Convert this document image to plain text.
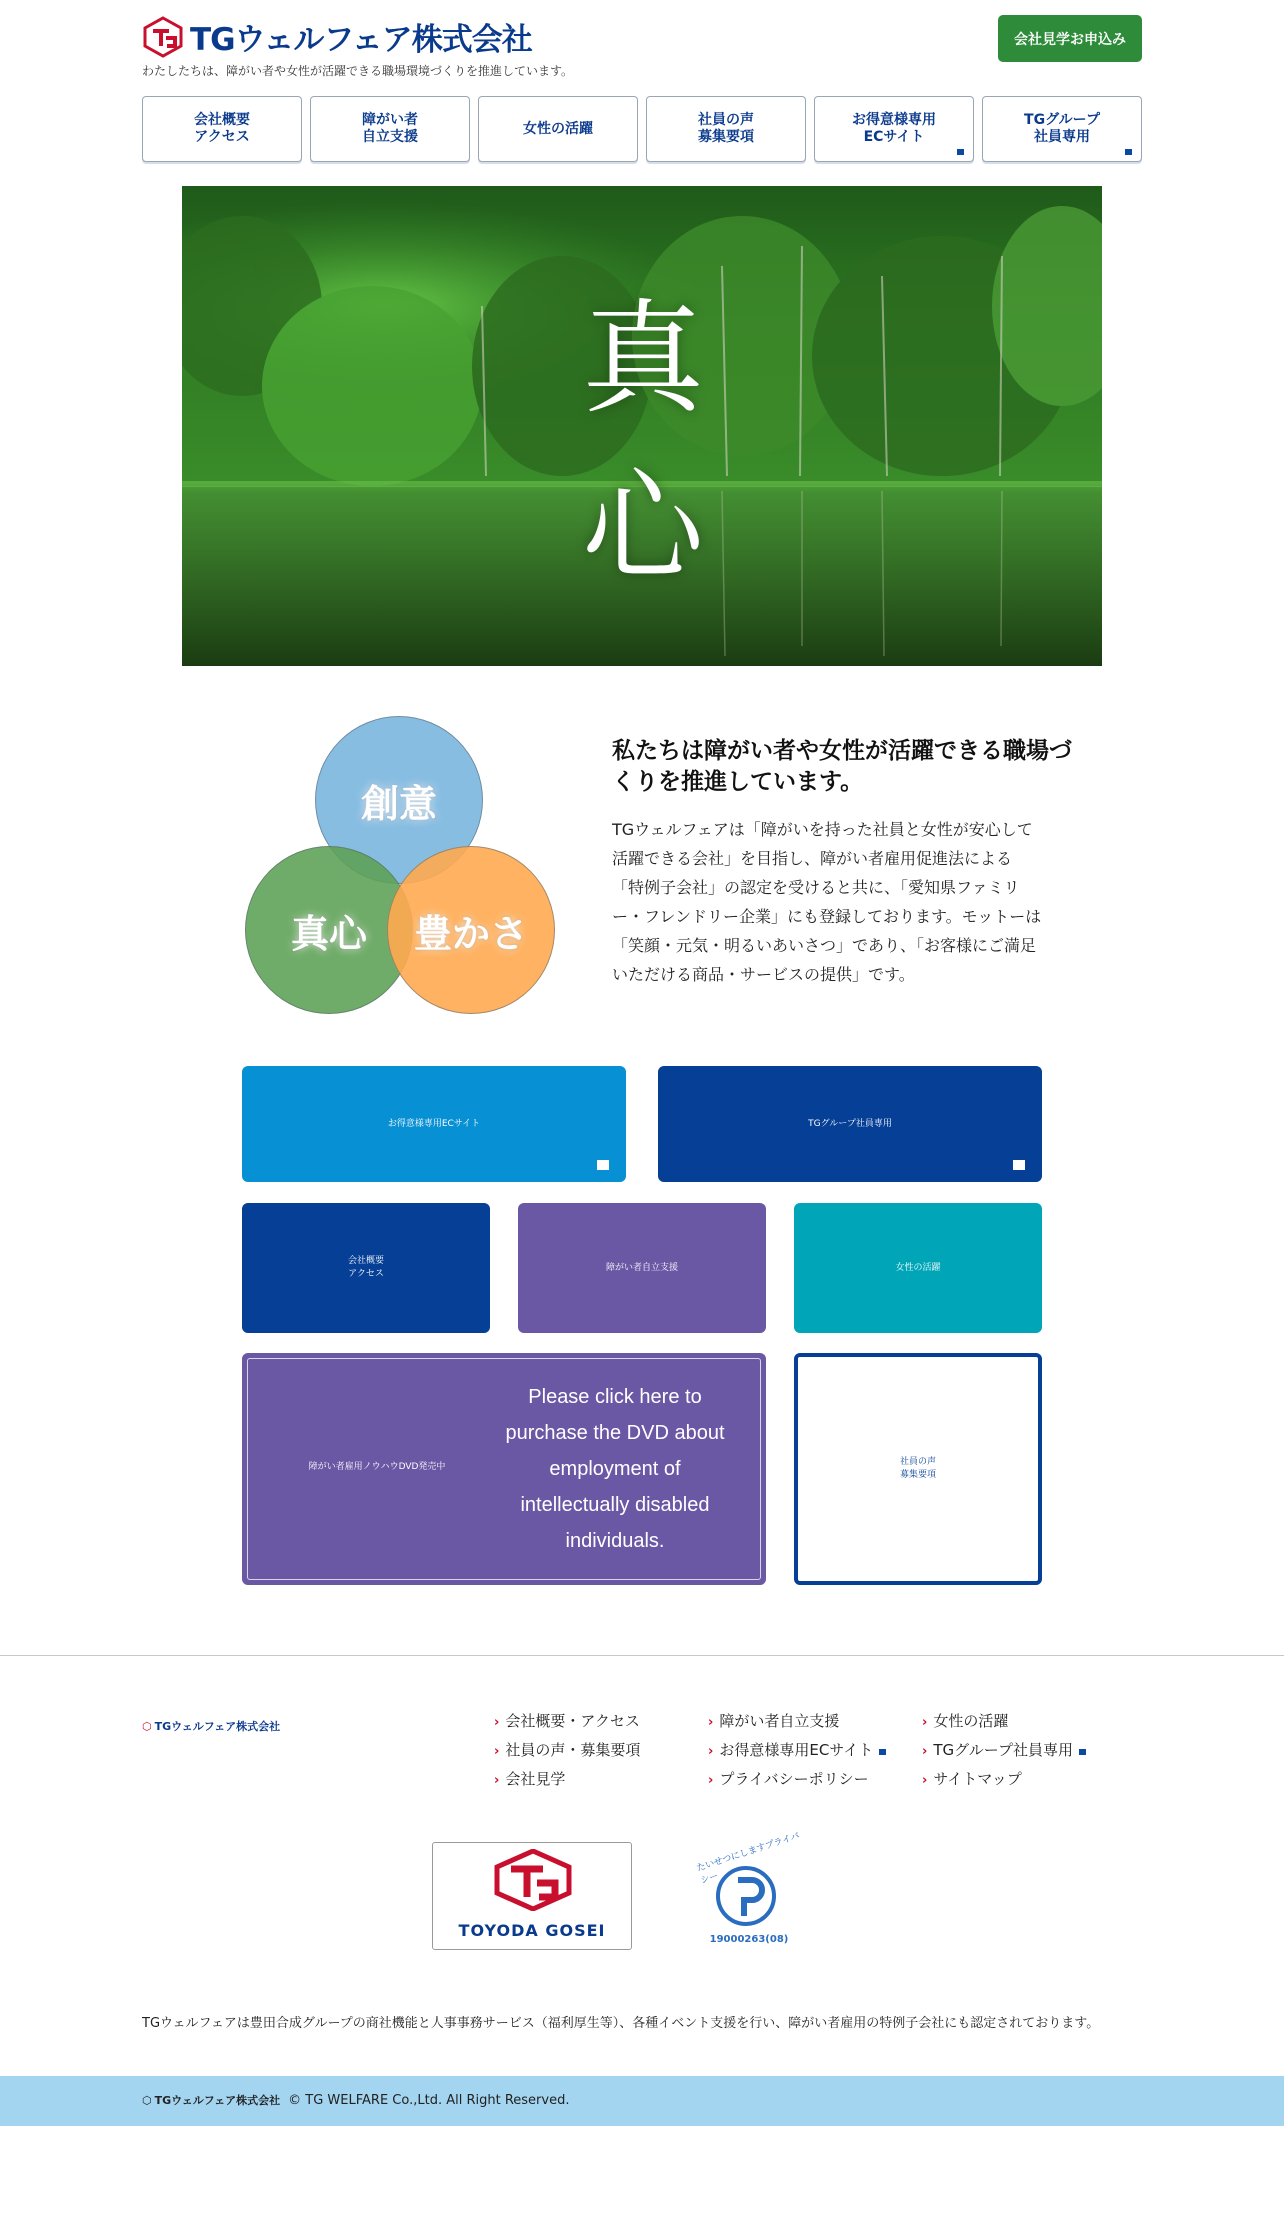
TGウェルフェア株式会社
わたしたちは、障がい者や女性が活躍できる職場環境づくりを推進しています。
会社見学お申込み
会社概要
アクセス
障がい者
自立支援
女性の活躍
社員の声
募集要項
お得意様専用
ECサイト
TGグループ
社員専用
真心
創意
真心 豊かさ
私たちは障がい者や女性が活躍できる職場づくりを推進しています。
TGウェルフェアは「障がいを持った社員と女性が安心して活躍できる会社」を目指し、障がい者雇用促進法による「特例子会社」の認定を受けると共に、「愛知県ファミリー・フレンドリー企業」にも登録しております。モットーは「笑顔・元気・明るいあいさつ」であり、「お客様にご満足いただける商品・サービスの提供」です。
お得意様専用ECサイト	TGグループ社員専用
会社概要
アクセス
障がい者自立支援	女性の活躍

障がい者雇用ノウハウDVD発売中

Please click here to purchase the DVD about employment of intellectually disabled individuals.

社員の声
募集要項
⬡ TGウェルフェア株式会社	› 会社概要・アクセス	› 障がい者自立支援	› 女性の活躍
› 社員の声・募集要項	› お得意様専用ECサイト	› TGグループ社員専用
› 会社見学	› プライバシーポリシー	› サイトマップ
TOYODA GOSEI
たいせつにしますプライバシー
19000263(08)
TGウェルフェアは豊田合成グループの商社機能と人事事務サービス（福利厚生等）、各種イベント支援を行い、障がい者雇用の特例子会社にも認定されております。
⬡ TGウェルフェア株式会社 © TG WELFARE Co.,Ltd. All Right Reserved.
